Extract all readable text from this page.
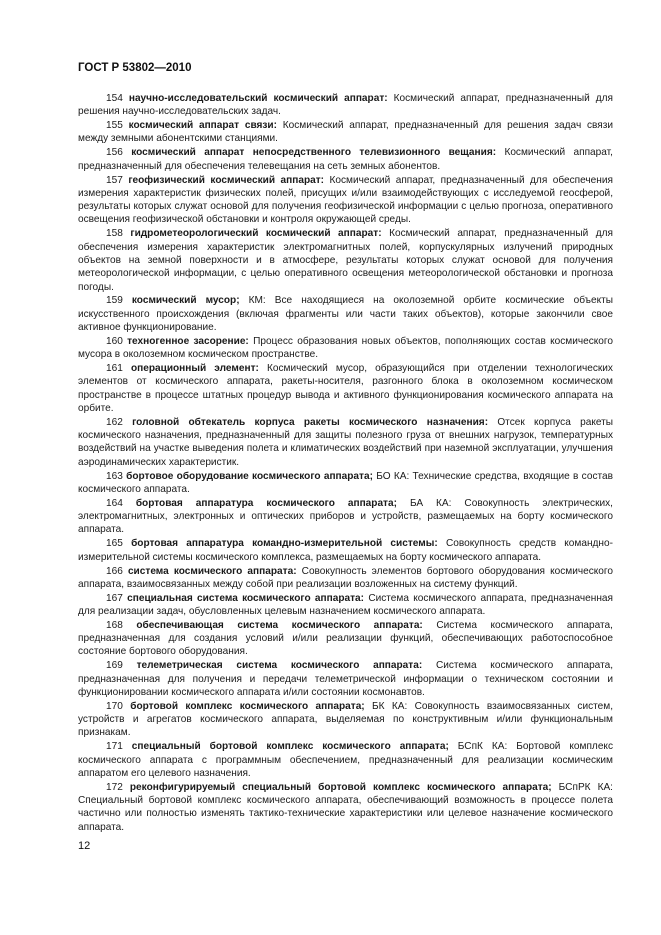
ГОСТ Р 53802—2010

154 научно-исследовательский космический аппарат: Космический аппарат, предназначенный для решения научно-исследовательских задач.

155 космический аппарат связи: Космический аппарат, предназначенный для решения задач связи между земными абонентскими станциями.

156 космический аппарат непосредственного телевизионного вещания: Космический аппарат, предназначенный для обеспечения телевещания на сеть земных абонентов.

157 геофизический космический аппарат: Космический аппарат, предназначенный для обеспечения измерения характеристик физических полей, присущих и/или взаимодействующих с исследуемой геосферой, результаты которых служат основой для получения геофизической информации с целью прогноза, оперативного освещения геофизической обстановки и контроля окружающей среды.

158 гидрометеорологический космический аппарат: Космический аппарат, предназначенный для обеспечения измерения характеристик электромагнитных полей, корпускулярных излучений природных объектов на земной поверхности и в атмосфере, результаты которых служат основой для получения метеорологической информации, с целью оперативного освещения метеорологической обстановки и прогноза погоды.

159 космический мусор; КМ: Все находящиеся на околоземной орбите космические объекты искусственного происхождения (включая фрагменты или части таких объектов), которые закончили свое активное функционирование.

160 техногенное засорение: Процесс образования новых объектов, пополняющих состав космического мусора в околоземном космическом пространстве.

161 операционный элемент: Космический мусор, образующийся при отделении технологических элементов от космического аппарата, ракеты-носителя, разгонного блока в околоземном космическом пространстве в процессе штатных процедур вывода и активного функционирования космического аппарата на орбите.

162 головной обтекатель корпуса ракеты космического назначения: Отсек корпуса ракеты космического назначения, предназначенный для защиты полезного груза от внешних нагрузок, температурных воздействий на участке выведения полета и климатических воздействий при наземной эксплуатации, улучшения аэродинамических характеристик.

163 бортовое оборудование космического аппарата; БО КА: Технические средства, входящие в состав космического аппарата.

164 бортовая аппаратура космического аппарата; БА КА: Совокупность электрических, электромагнитных, электронных и оптических приборов и устройств, размещаемых на борту космического аппарата.

165 бортовая аппаратура командно-измерительной системы: Совокупность средств командно-измерительной системы космического комплекса, размещаемых на борту космического аппарата.

166 система космического аппарата: Совокупность элементов бортового оборудования космического аппарата, взаимосвязанных между собой при реализации возложенных на систему функций.

167 специальная система космического аппарата: Система космического аппарата, предназначенная для реализации задач, обусловленных целевым назначением космического аппарата.

168 обеспечивающая система космического аппарата: Система космического аппарата, предназначенная для создания условий и/или реализации функций, обеспечивающих работоспособное состояние бортового оборудования.

169 телеметрическая система космического аппарата: Система космического аппарата, предназначенная для получения и передачи телеметрической информации о техническом состоянии и функционировании космического аппарата и/или состоянии космонавтов.

170 бортовой комплекс космического аппарата; БК КА: Совокупность взаимосвязанных систем, устройств и агрегатов космического аппарата, выделяемая по конструктивным и/или функциональным признакам.

171 специальный бортовой комплекс космического аппарата; БСпК КА: Бортовой комплекс космического аппарата с программным обеспечением, предназначенный для реализации космическим аппаратом его целевого назначения.

172 реконфигурируемый специальный бортовой комплекс космического аппарата; БСпРК КА: Специальный бортовой комплекс космического аппарата, обеспечивающий возможность в процессе полета частично или полностью изменять тактико-технические характеристики или целевое назначение космического аппарата.

12
